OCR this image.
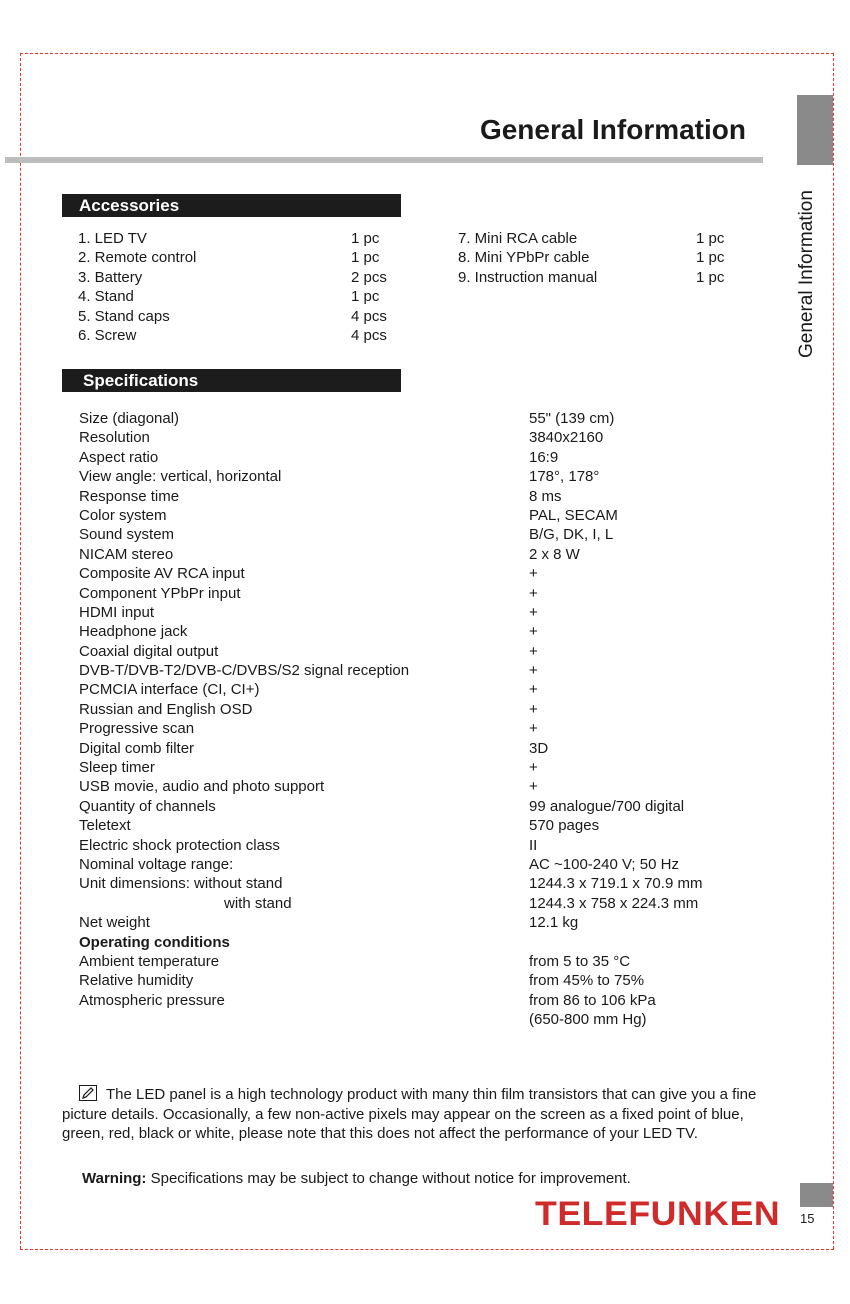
General Information
General Information
Accessories
1. LED TV
2. Remote control
3. Battery
4. Stand
5. Stand caps
6. Screw
1 pc
1 pc
2 pcs
1 pc
4 pcs
4 pcs
7. Mini RCA cable
8. Mini YPbPr cable
9. Instruction manual
1 pc
1 pc
1 pc
Specifications
Size (diagonal)
Resolution
Aspect ratio
View angle: vertical, horizontal
Response time
Color system
Sound system
NICAM stereo
Composite AV RCA input
Component YPbPr input
HDMI input
Headphone jack
Coaxial digital output
DVB-T/DVB-T2/DVB-C/DVBS/S2 signal reception
PCMCIA interface (CI, CI+)
Russian and English OSD
Progressive scan
Digital comb filter
Sleep timer
USB movie, audio and photo support
Quantity of channels
Teletext
Electric shock protection class
Nominal voltage range:
Unit dimensions: without stand
with stand
Net weight
Operating conditions
Ambient temperature
Relative humidity
Atmospheric pressure
55" (139 cm)
3840x2160
16:9
178°, 178°
8 ms
PAL, SECAM
B/G, DK, I, L
2 x 8 W
+
+
+
+
+
+
+
+
+
3D
+
+
99 analogue/700 digital
570 pages
II
AC ~100-240 V; 50 Hz
1244.3 x 719.1 x 70.9 mm
1244.3 x 758 x 224.3 mm
12.1 kg
from 5 to 35 °C
from 45% to 75%
from 86 to 106 kPa
(650-800 mm Hg)
The LED panel is a high technology product with many thin film transistors that can give you a fine picture details. Occasionally, a few non-active pixels may appear on the screen as a fixed point of blue, green, red, black or white, please note that this does not affect the performance of your LED TV.
Warning: Specifications may be subject to change without notice for improvement.
TELEFUNKEN 15
